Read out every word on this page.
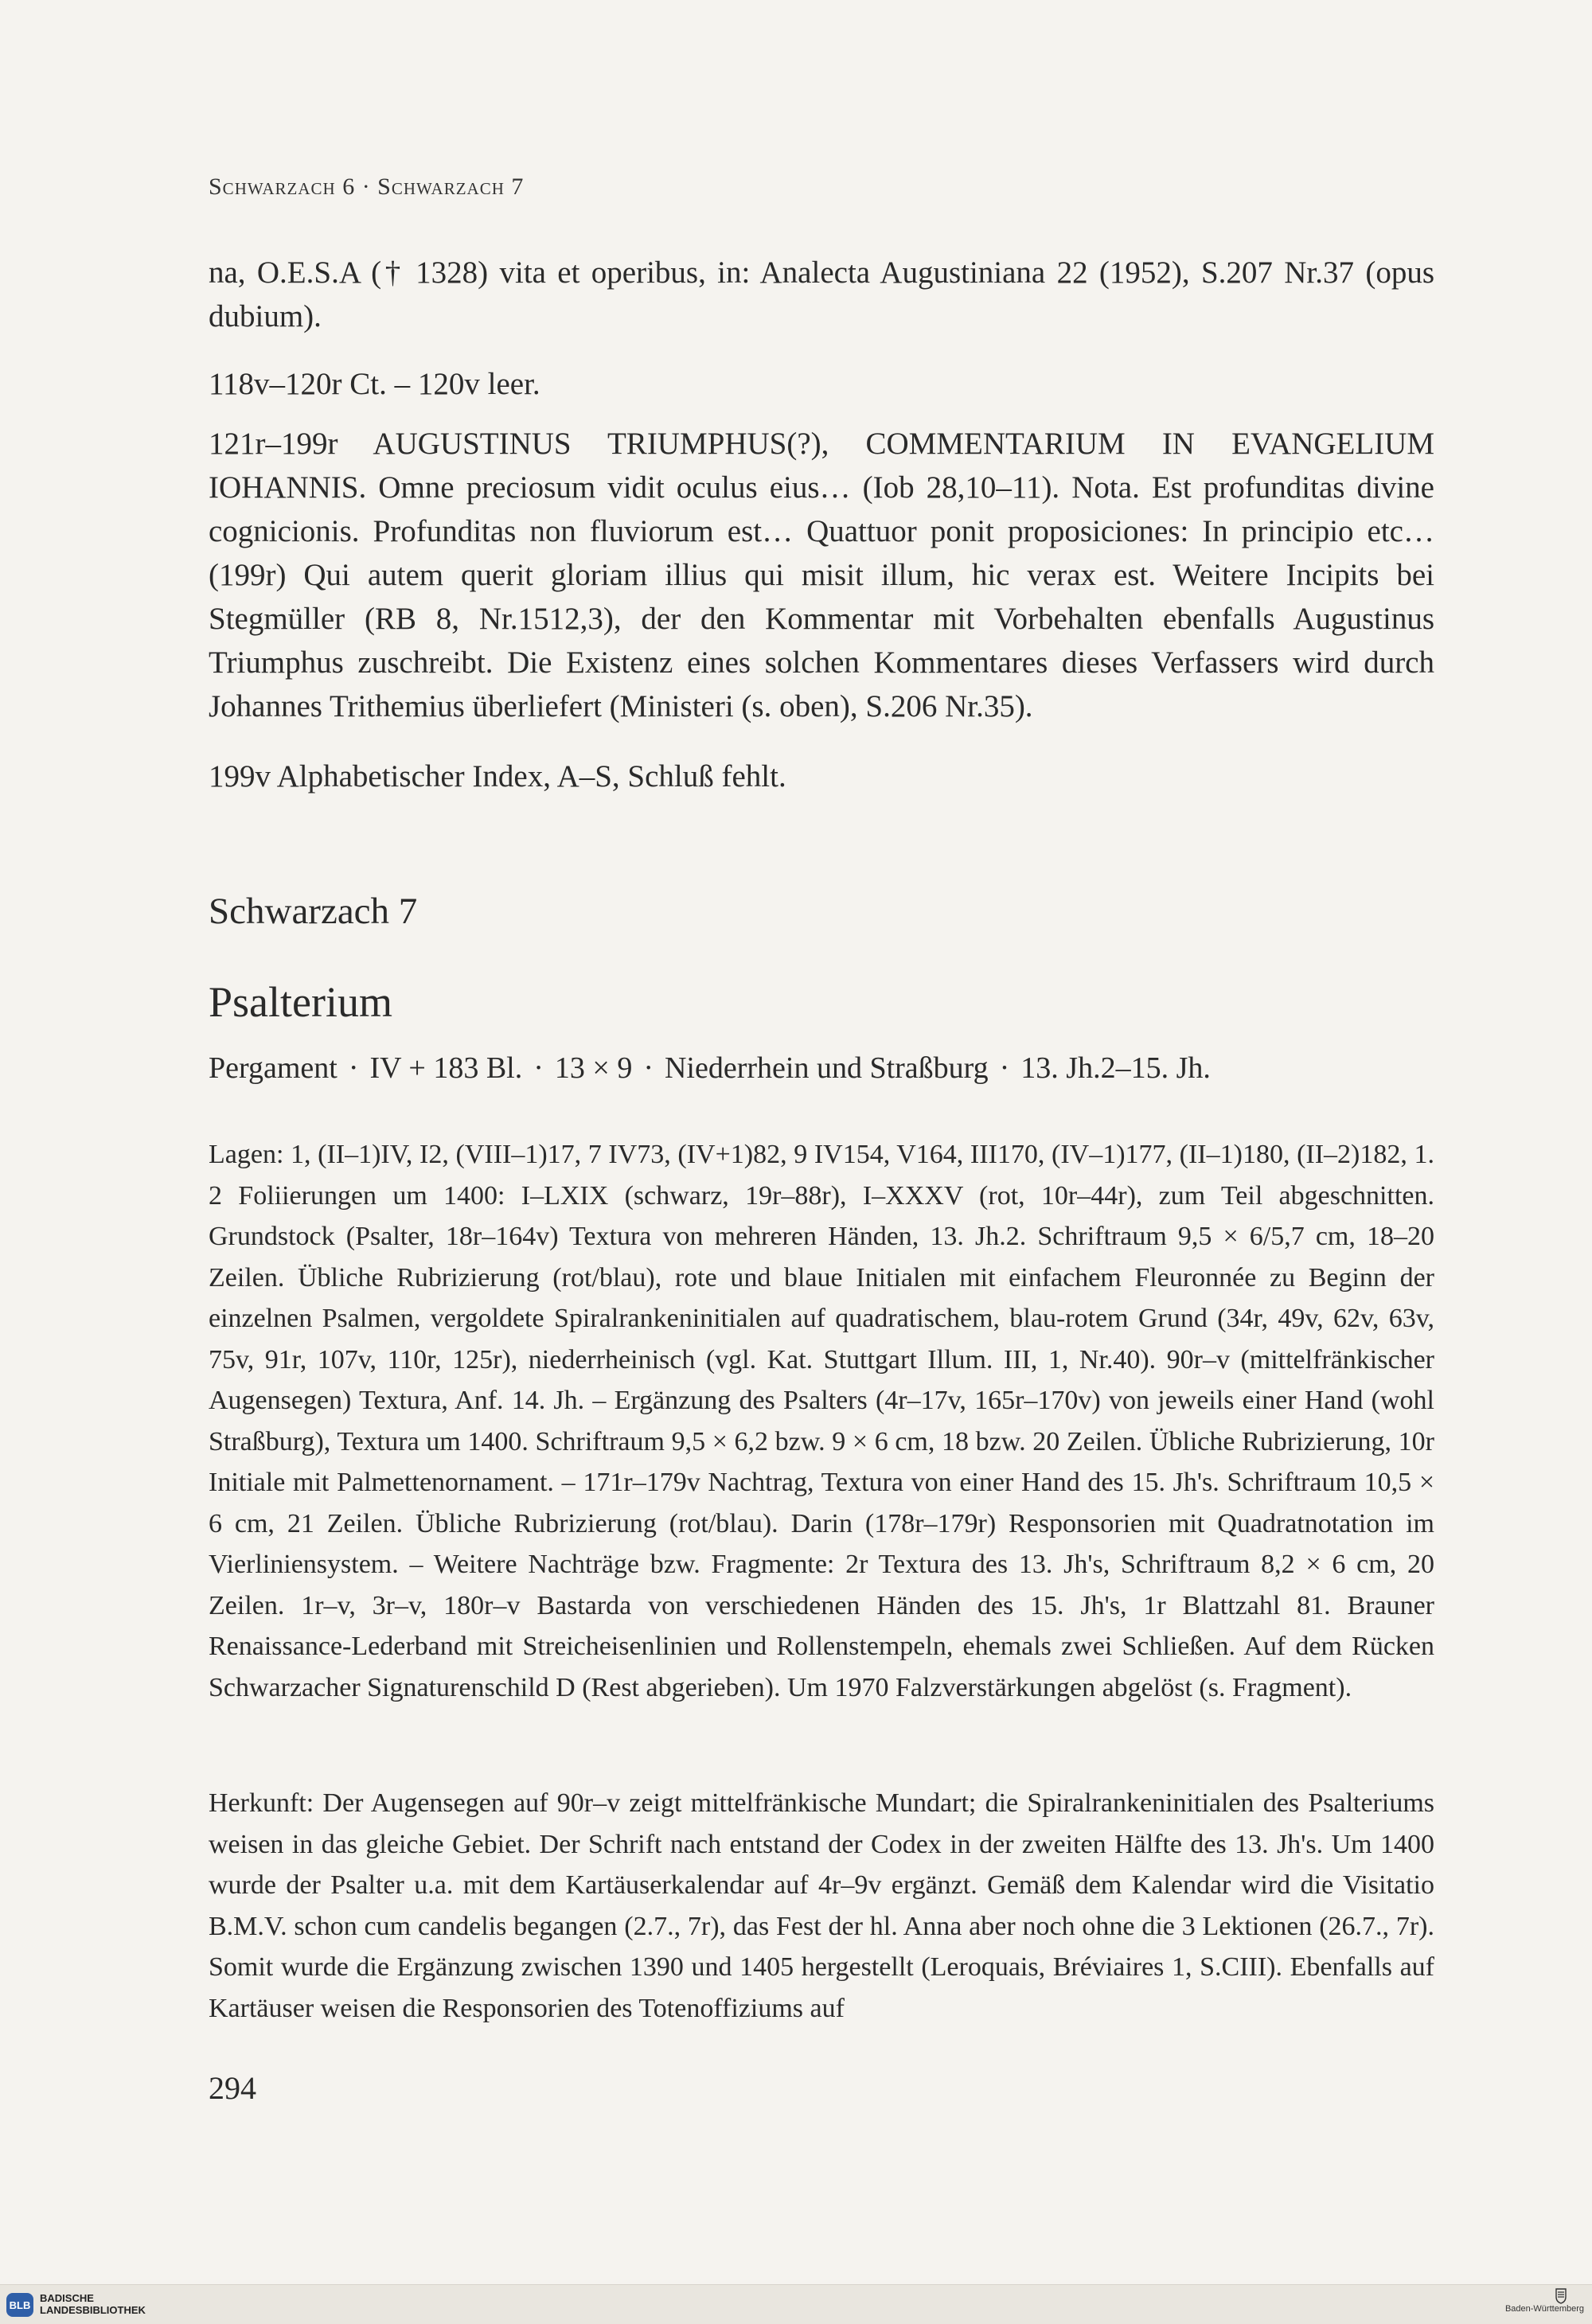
Schwarzach 6 · Schwarzach 7
na, O.E.S.A († 1328) vita et operibus, in: Analecta Augustiniana 22 (1952), S.207 Nr.37 (opus dubium).
118v–120r Ct. – 120v leer.
121r–199r AUGUSTINUS TRIUMPHUS(?), COMMENTARIUM IN EVANGELIUM IOHANNIS. Omne preciosum vidit oculus eius… (Iob 28,10–11). Nota. Est profunditas divine cognicionis. Profunditas non fluviorum est… Quattuor ponit proposiciones: In principio etc… (199r) Qui autem querit gloriam illius qui misit illum, hic verax est. Weitere Incipits bei Stegmüller (RB 8, Nr.1512,3), der den Kommentar mit Vorbehalten ebenfalls Augustinus Triumphus zuschreibt. Die Existenz eines solchen Kommentares dieses Verfassers wird durch Johannes Trithemius überliefert (Ministeri (s. oben), S.206 Nr.35).
199v Alphabetischer Index, A–S, Schluß fehlt.
Schwarzach 7
Psalterium
Pergament · IV + 183 Bl. · 13 × 9 · Niederrhein und Straßburg · 13. Jh.2–15. Jh.
Lagen: 1, (II–1)IV, I2, (VIII–1)17, 7 IV73, (IV+1)82, 9 IV154, V164, III170, (IV–1)177, (II–1)180, (II–2)182, 1. 2 Foliierungen um 1400: I–LXIX (schwarz, 19r–88r), I–XXXV (rot, 10r–44r), zum Teil abgeschnitten. Grundstock (Psalter, 18r–164v) Textura von mehreren Händen, 13. Jh.2. Schriftraum 9,5 × 6/5,7 cm, 18–20 Zeilen. Übliche Rubrizierung (rot/blau), rote und blaue Initialen mit einfachem Fleuronnée zu Beginn der einzelnen Psalmen, vergoldete Spiralrankeninitialen auf quadratischem, blau-rotem Grund (34r, 49v, 62v, 63v, 75v, 91r, 107v, 110r, 125r), niederrheinisch (vgl. Kat. Stuttgart Illum. III, 1, Nr.40). 90r–v (mittelfränkischer Augensegen) Textura, Anf. 14. Jh. – Ergänzung des Psalters (4r–17v, 165r–170v) von jeweils einer Hand (wohl Straßburg), Textura um 1400. Schriftraum 9,5 × 6,2 bzw. 9 × 6 cm, 18 bzw. 20 Zeilen. Übliche Rubrizierung, 10r Initiale mit Palmettenornament. – 171r–179v Nachtrag, Textura von einer Hand des 15. Jh's. Schriftraum 10,5 × 6 cm, 21 Zeilen. Übliche Rubrizierung (rot/blau). Darin (178r–179r) Responsorien mit Quadratnotation im Vierliniensystem. – Weitere Nachträge bzw. Fragmente: 2r Textura des 13. Jh's, Schriftraum 8,2 × 6 cm, 20 Zeilen. 1r–v, 3r–v, 180r–v Bastarda von verschiedenen Händen des 15. Jh's, 1r Blattzahl 81. Brauner Renaissance-Lederband mit Streicheisenlinien und Rollenstempeln, ehemals zwei Schließen. Auf dem Rücken Schwarzacher Signaturenschild D (Rest abgerieben). Um 1970 Falzverstärkungen abgelöst (s. Fragment).
Herkunft: Der Augensegen auf 90r–v zeigt mittelfränkische Mundart; die Spiralrankeninitialen des Psalteriums weisen in das gleiche Gebiet. Der Schrift nach entstand der Codex in der zweiten Hälfte des 13. Jh's. Um 1400 wurde der Psalter u.a. mit dem Kartäuserkalendar auf 4r–9v ergänzt. Gemäß dem Kalendar wird die Visitatio B.M.V. schon cum candelis begangen (2.7., 7r), das Fest der hl. Anna aber noch ohne die 3 Lektionen (26.7., 7r). Somit wurde die Ergänzung zwischen 1390 und 1405 hergestellt (Leroquais, Bréviaires 1, S.CIII). Ebenfalls auf Kartäuser weisen die Responsorien des Totenoffiziums auf
294
BLB
BADISCHE
LANDESBIBLIOTHEK	Baden-Württemberg
